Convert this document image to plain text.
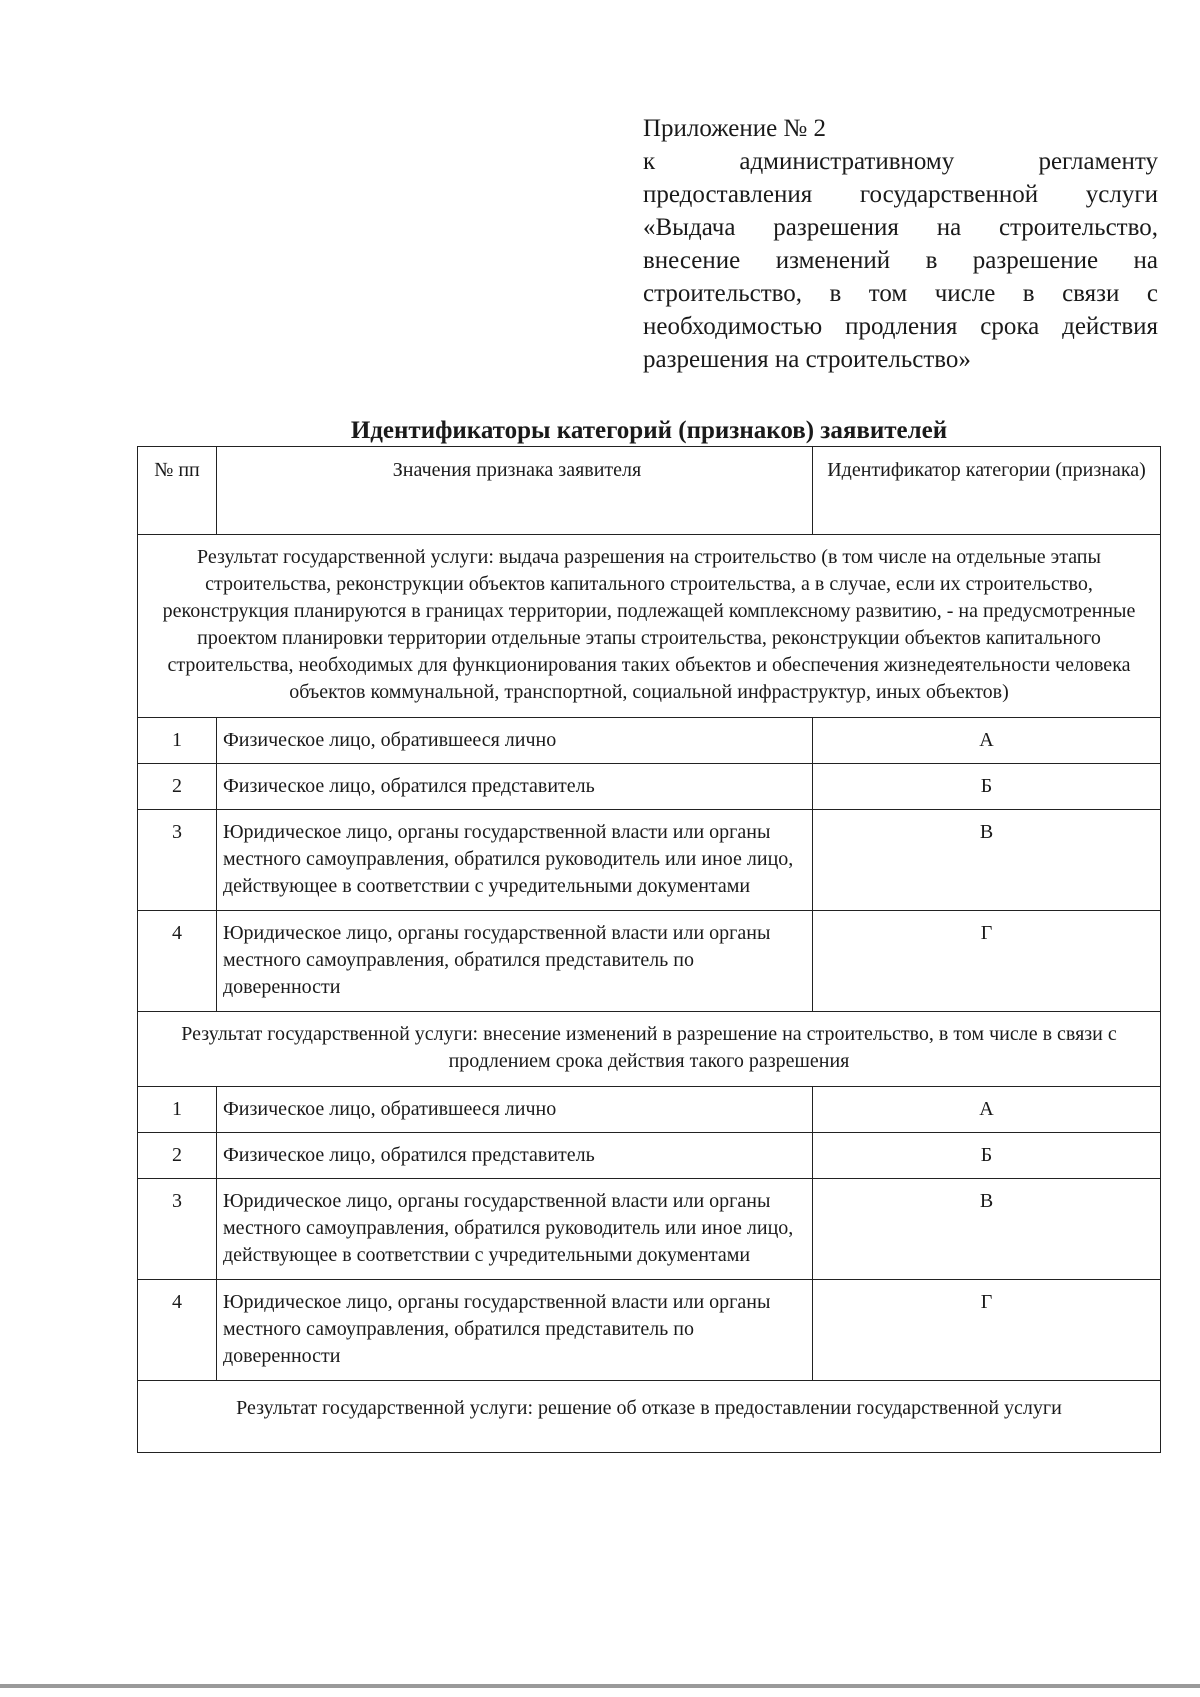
Приложение № 2
к административному регламенту предоставления государственной услуги «Выдача разрешения на строительство, внесение изменений в разрешение на строительство, в том числе в связи с необходимостью продления срока действия разрешения на строительство»
Идентификаторы категорий (признаков) заявителей
№ пп	Значения признака заявителя	Идентификатор категории (признака)
Результат государственной услуги: выдача разрешения на строительство (в том числе на отдельные этапы строительства, реконструкции объектов капитального строительства, а в случае, если их строительство, реконструкция планируются в границах территории, подлежащей комплексному развитию, - на предусмотренные проектом планировки территории отдельные этапы строительства, реконструкции объектов капитального строительства, необходимых для функционирования таких объектов и обеспечения жизнедеятельности человека объектов коммунальной, транспортной, социальной инфраструктур, иных объектов)		
1	Физическое лицо, обратившееся лично	А
2	Физическое лицо, обратился представитель	Б
3	Юридическое лицо, органы государственной власти или органы местного самоуправления, обратился руководитель или иное лицо, действующее в соответствии с учредительными документами	В
4	Юридическое лицо, органы государственной власти или органы местного самоуправления, обратился представитель по доверенности	Г
Результат государственной услуги: внесение изменений в разрешение на строительство, в том числе в связи с продлением срока действия такого разрешения		
1	Физическое лицо, обратившееся лично	А
2	Физическое лицо, обратился представитель	Б
3	Юридическое лицо, органы государственной власти или органы местного самоуправления, обратился руководитель или иное лицо, действующее в соответствии с учредительными документами	В
4	Юридическое лицо, органы государственной власти или органы местного самоуправления, обратился представитель по доверенности	Г
Результат государственной услуги: решение об отказе в предоставлении государственной услуги		
